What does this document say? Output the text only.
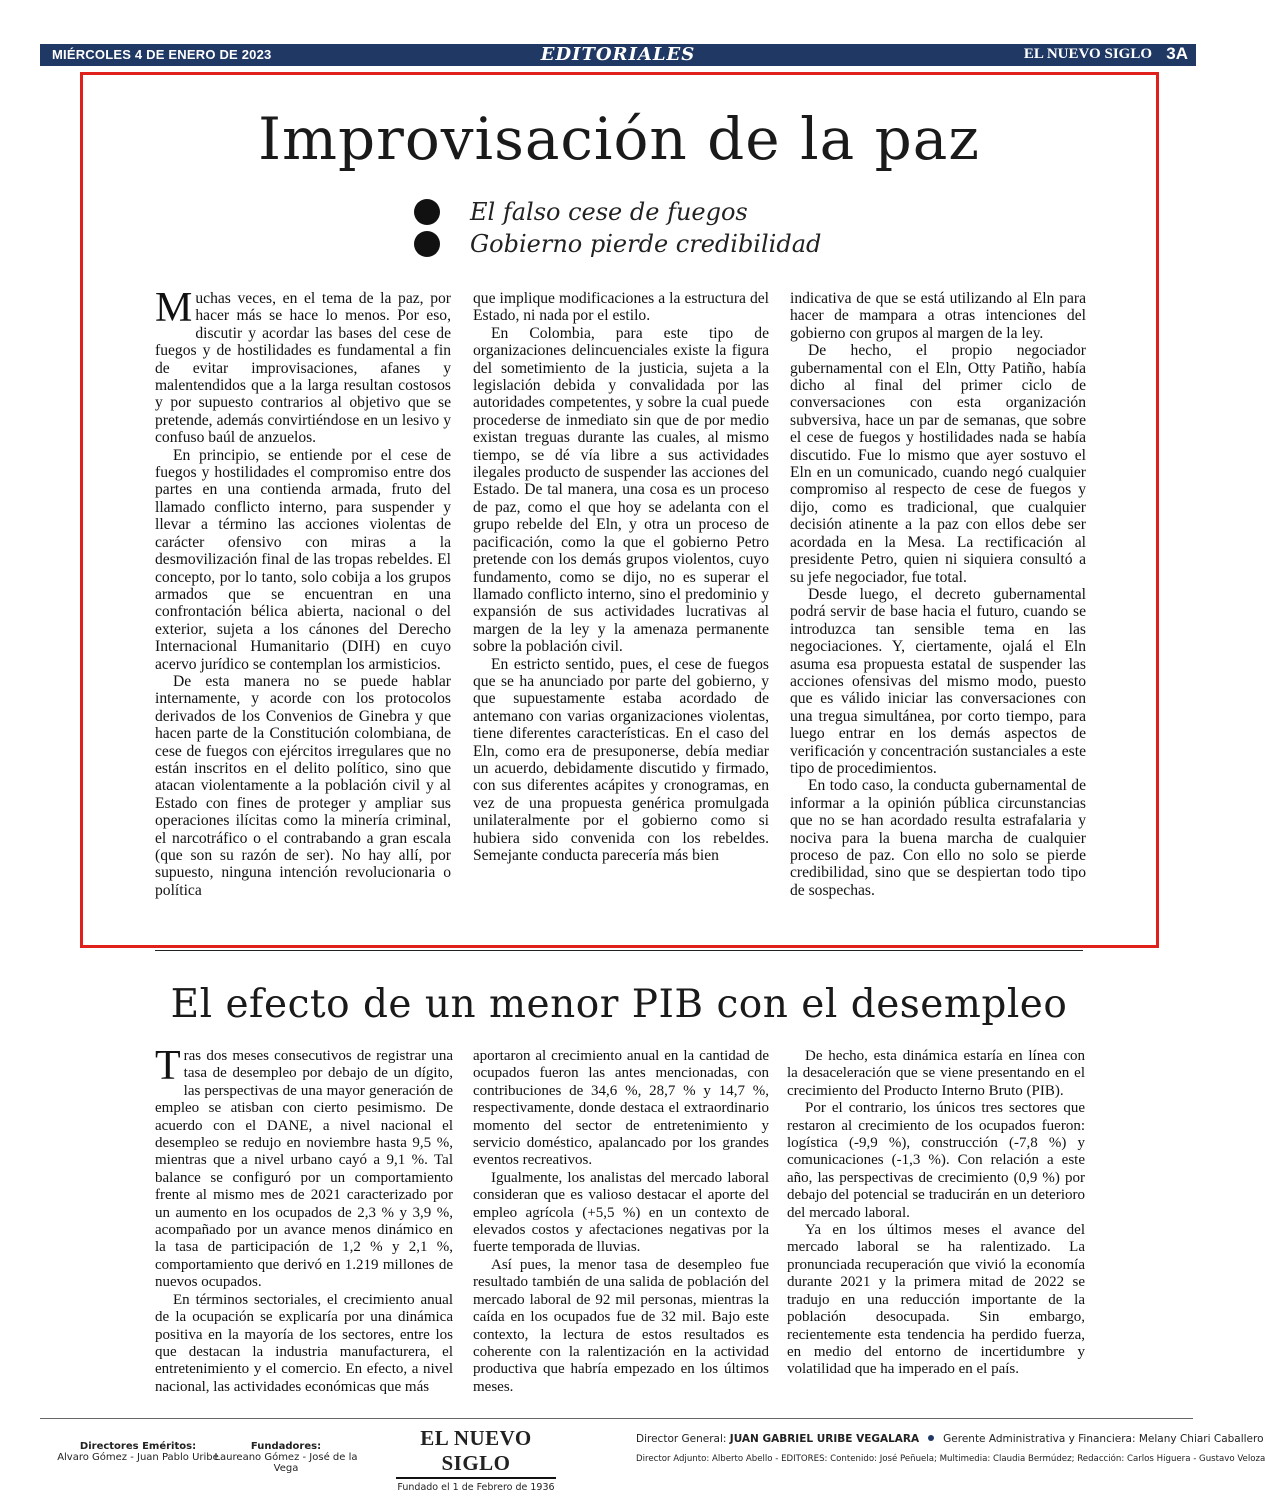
MIÉRCOLES 4 DE ENERO DE 2023	EDITORIALES	EL NUEVO SIGLO 3A
Improvisación de la paz
El falso cese de fuegos
Gobierno pierde credibilidad

Muchas veces, en el tema de la paz, por hacer más se hace lo menos. Por eso, discutir y acordar las bases del cese de fuegos y de hostilidades es fundamental a fin de evitar improvisaciones, afanes y malentendidos que a la larga resultan costosos y por supuesto contrarios al objetivo que se pretende, además convirtiéndose en un lesivo y confuso baúl de anzuelos.

En principio, se entiende por el cese de fuegos y hostilidades el compromiso entre dos partes en una contienda armada, fruto del llamado conflicto interno, para suspender y llevar a término las acciones violentas de carácter ofensivo con miras a la desmovilización final de las tropas rebeldes. El concepto, por lo tanto, solo cobija a los grupos armados que se encuentran en una confrontación bélica abierta, nacional o del exterior, sujeta a los cánones del Derecho Internacional Humanitario (DIH) en cuyo acervo jurídico se contemplan los armisticios.

De esta manera no se puede hablar internamente, y acorde con los protocolos derivados de los Convenios de Ginebra y que hacen parte de la Constitución colombiana, de cese de fuegos con ejércitos irregulares que no están inscritos en el delito político, sino que atacan violentamente a la población civil y al Estado con fines de proteger y ampliar sus operaciones ilícitas como la minería criminal, el narcotráfico o el contrabando a gran escala (que son su razón de ser). No hay allí, por supuesto, ninguna intención revolucionaria o política

que implique modificaciones a la estructura del Estado, ni nada por el estilo.

En Colombia, para este tipo de organizaciones delincuenciales existe la figura del sometimiento de la justicia, sujeta a la legislación debida y convalidada por las autoridades competentes, y sobre la cual puede procederse de inmediato sin que de por medio existan treguas durante las cuales, al mismo tiempo, se dé vía libre a sus actividades ilegales producto de suspender las acciones del Estado. De tal manera, una cosa es un proceso de paz, como el que hoy se adelanta con el grupo rebelde del Eln, y otra un proceso de pacificación, como la que el gobierno Petro pretende con los demás grupos violentos, cuyo fundamento, como se dijo, no es superar el llamado conflicto interno, sino el predominio y expansión de sus actividades lucrativas al margen de la ley y la amenaza permanente sobre la población civil.

En estricto sentido, pues, el cese de fuegos que se ha anunciado por parte del gobierno, y que supuestamente estaba acordado de antemano con varias organizaciones violentas, tiene diferentes características. En el caso del Eln, como era de presuponerse, debía mediar un acuerdo, debidamente discutido y firmado, con sus diferentes acápites y cronogramas, en vez de una propuesta genérica promulgada unilateralmente por el gobierno como si hubiera sido convenida con los rebeldes. Semejante conducta parecería más bien

indicativa de que se está utilizando al Eln para hacer de mampara a otras intenciones del gobierno con grupos al margen de la ley.

De hecho, el propio negociador gubernamental con el Eln, Otty Patiño, había dicho al final del primer ciclo de conversaciones con esta organización subversiva, hace un par de semanas, que sobre el cese de fuegos y hostilidades nada se había discutido. Fue lo mismo que ayer sostuvo el Eln en un comunicado, cuando negó cualquier compromiso al respecto de cese de fuegos y dijo, como es tradicional, que cualquier decisión atinente a la paz con ellos debe ser acordada en la Mesa. La rectificación al presidente Petro, quien ni siquiera consultó a su jefe negociador, fue total.

Desde luego, el decreto gubernamental podrá servir de base hacia el futuro, cuando se introduzca tan sensible tema en las negociaciones. Y, ciertamente, ojalá el Eln asuma esa propuesta estatal de suspender las acciones ofensivas del mismo modo, puesto que es válido iniciar las conversaciones con una tregua simultánea, por corto tiempo, para luego entrar en los demás aspectos de verificación y concentración sustanciales a este tipo de procedimientos.

En todo caso, la conducta gubernamental de informar a la opinión pública circunstancias que no se han acordado resulta estrafalaria y nociva para la buena marcha de cualquier proceso de paz. Con ello no solo se pierde credibilidad, sino que se despiertan todo tipo de sospechas.

El efecto de un menor PIB con el desempleo

Tras dos meses consecutivos de registrar una tasa de desempleo por debajo de un dígito, las perspectivas de una mayor generación de empleo se atisban con cierto pesimismo. De acuerdo con el DANE, a nivel nacional el desempleo se redujo en noviembre hasta 9,5 %, mientras que a nivel urbano cayó a 9,1 %. Tal balance se configuró por un comportamiento frente al mismo mes de 2021 caracterizado por un aumento en los ocupados de 2,3 % y 3,9 %, acompañado por un avance menos dinámico en la tasa de participación de 1,2 % y 2,1 %, comportamiento que derivó en 1.219 millones de nuevos ocupados.

En términos sectoriales, el crecimiento anual de la ocupación se explicaría por una dinámica positiva en la mayoría de los sectores, entre los que destacan la industria manufacturera, el entretenimiento y el comercio. En efecto, a nivel nacional, las actividades económicas que más

aportaron al crecimiento anual en la cantidad de ocupados fueron las antes mencionadas, con contribuciones de 34,6 %, 28,7 % y 14,7 %, respectivamente, donde destaca el extraordinario momento del sector de entretenimiento y servicio doméstico, apalancado por los grandes eventos recreativos.

Igualmente, los analistas del mercado laboral consideran que es valioso destacar el aporte del empleo agrícola (+5,5 %) en un contexto de elevados costos y afectaciones negativas por la fuerte temporada de lluvias.

Así pues, la menor tasa de desempleo fue resultado también de una salida de población del mercado laboral de 92 mil personas, mientras la caída en los ocupados fue de 32 mil. Bajo este contexto, la lectura de estos resultados es coherente con la ralentización en la actividad productiva que habría empezado en los últimos meses.

De hecho, esta dinámica estaría en línea con la desaceleración que se viene presentando en el crecimiento del Producto Interno Bruto (PIB).

Por el contrario, los únicos tres sectores que restaron al crecimiento de los ocupados fueron: logística (-9,9 %), construcción (-7,8 %) y comunicaciones (-1,3 %). Con relación a este año, las perspectivas de crecimiento (0,9 %) por debajo del potencial se traducirán en un deterioro del mercado laboral.

Ya en los últimos meses el avance del mercado laboral se ha ralentizado. La pronunciada recuperación que vivió la economía durante 2021 y la primera mitad de 2022 se tradujo en una reducción importante de la población desocupada. Sin embargo, recientemente esta tendencia ha perdido fuerza, en medio del entorno de incertidumbre y volatilidad que ha imperado en el país.

Directores Eméritos:
Alvaro Gómez - Juan Pablo Uribe
Fundadores:
Laureano Gómez - José de la Vega
EL NUEVO SIGLO
Fundado el 1 de Febrero de 1936
Director General: JUAN GABRIEL URIBE VEGALARA Gerente Administrativa y Financiera: Melany Chiari Caballero
Director Adjunto: Alberto Abello - EDITORES: Contenido: José Peñuela; Multimedia: Claudia Bermúdez; Redacción: Carlos Higuera - Gustavo Veloza
